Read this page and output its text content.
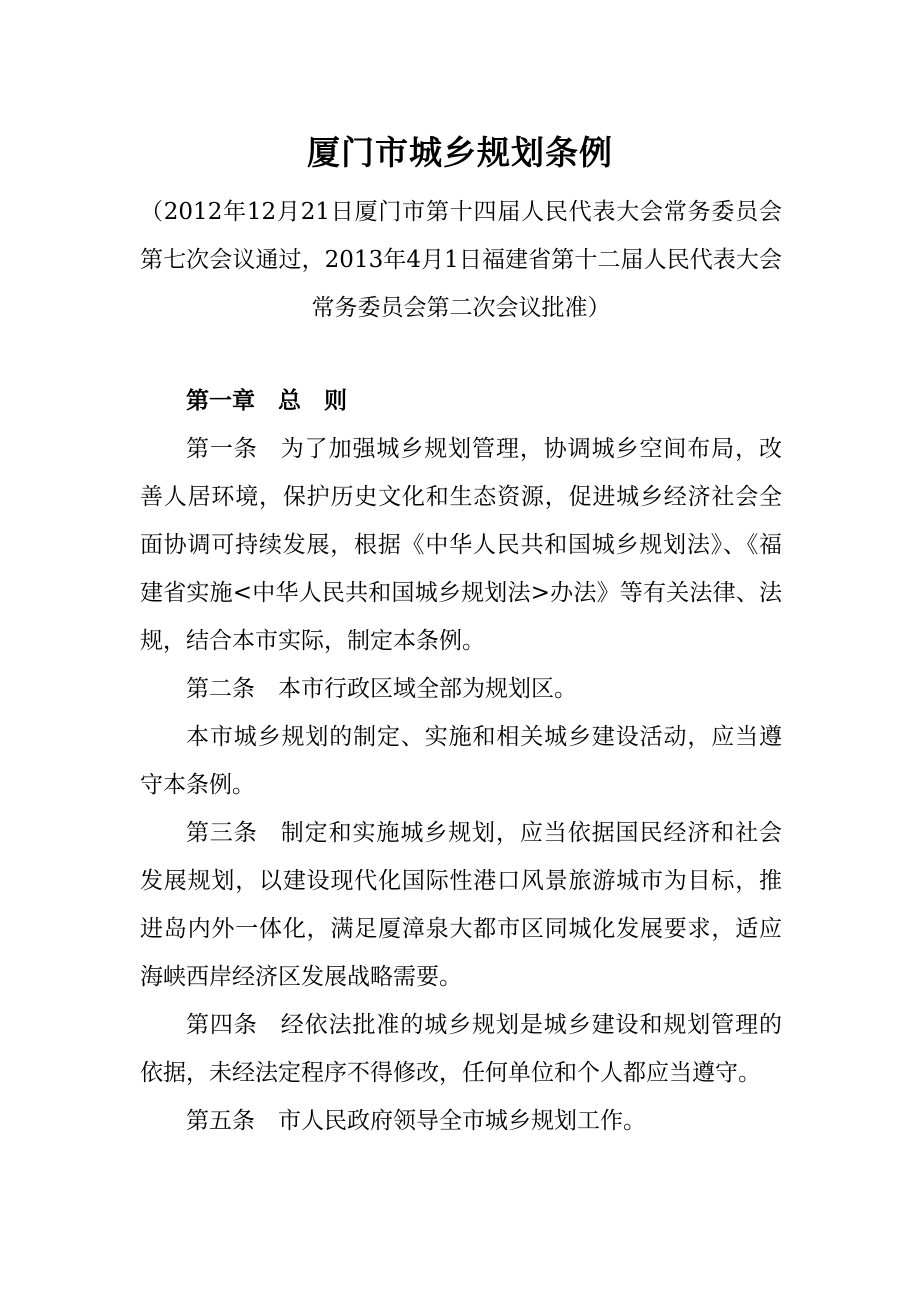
厦门市城乡规划条例
（2012年12月21日厦门市第十四届人民代表大会常务委员会第七次会议通过，2013年4月1日福建省第十二届人民代表大会常务委员会第二次会议批准）

第一章　总　则

第一条 为了加强城乡规划管理，协调城乡空间布局，改善人居环境，保护历史文化和生态资源，促进城乡经济社会全面协调可持续发展，根据《中华人民共和国城乡规划法》、《福建省实施<中华人民共和国城乡规划法>办法》等有关法律、法规，结合本市实际，制定本条例。

第二条 本市行政区域全部为规划区。

本市城乡规划的制定、实施和相关城乡建设活动，应当遵守本条例。

第三条 制定和实施城乡规划，应当依据国民经济和社会发展规划，以建设现代化国际性港口风景旅游城市为目标，推进岛内外一体化，满足厦漳泉大都市区同城化发展要求，适应海峡西岸经济区发展战略需要。

第四条 经依法批准的城乡规划是城乡建设和规划管理的依据，未经法定程序不得修改，任何单位和个人都应当遵守。

第五条 市人民政府领导全市城乡规划工作。
